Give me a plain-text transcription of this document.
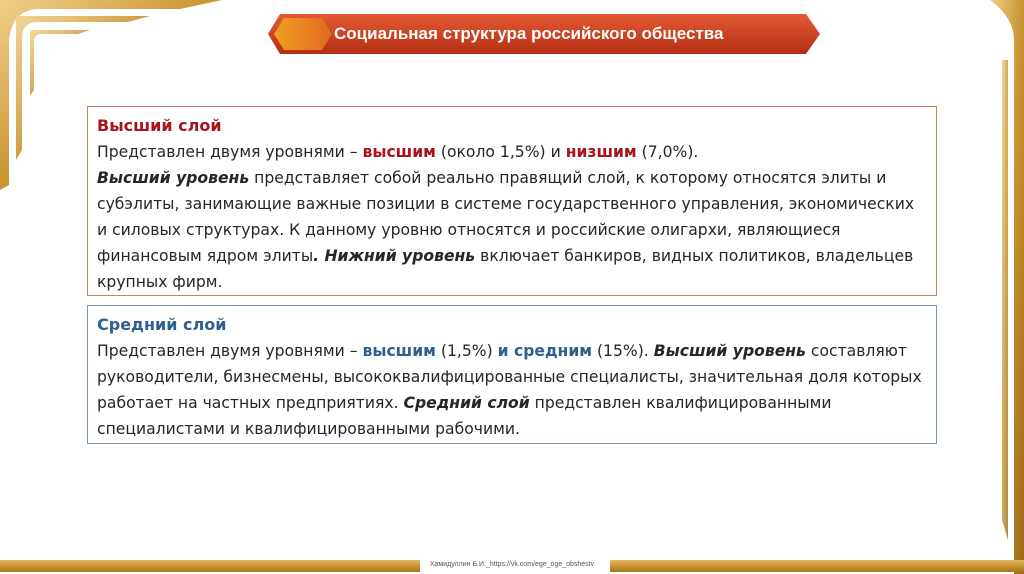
Социальная структура российского общества
Высший слой
Представлен двумя уровнями – высшим (около 1,5%) и низшим (7,0%).
Высший уровень представляет собой реально правящий слой, к которому относятся элиты и субэлиты, занимающие важные позиции в системе государственного управления, экономических и силовых структурах. К данному уровню относятся и российские олигархи, являющиеся финансовым ядром элиты. Нижний уровень включает банкиров, видных политиков, владельцев крупных фирм.
Средний слой
Представлен двумя уровнями – высшим (1,5%) и средним (15%). Высший уровень составляют руководители, бизнесмены, высококвалифицированные специалисты, значительная доля которых работает на частных предприятиях. Средний слой представлен квалифицированными специалистами и квалифицированными рабочими.
Хамидуллин Б.И._https://vk.com/ege_oge_obshestv
